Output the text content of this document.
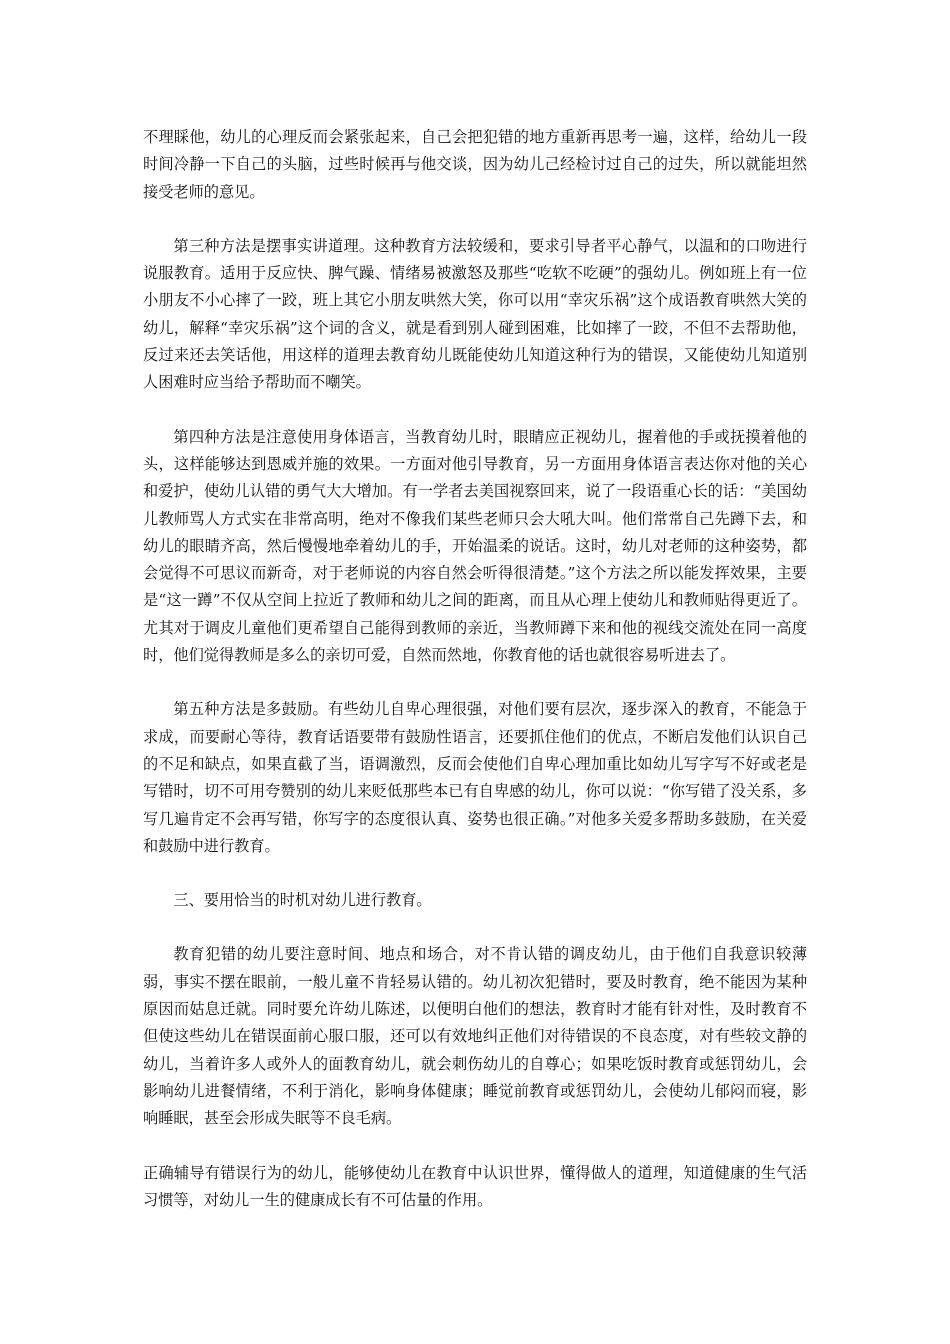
不理睬他，幼儿的心理反而会紧张起来，自己会把犯错的地方重新再思考一遍，这样，给幼儿一段时间冷静一下自己的头脑，过些时候再与他交谈，因为幼儿己经检讨过自己的过失，所以就能坦然接受老师的意见。

第三种方法是摆事实讲道理。这种教育方法较缓和，要求引导者平心静气，以温和的口吻进行说服教育。适用于反应快、脾气躁、情绪易被激怒及那些“吃软不吃硬”的强幼儿。例如班上有一位小朋友不小心摔了一跤，班上其它小朋友哄然大笑，你可以用“幸灾乐祸”这个成语教育哄然大笑的幼儿，解释“幸灾乐祸”这个词的含义，就是看到别人碰到困难，比如摔了一跤，不但不去帮助他，反过来还去笑话他，用这样的道理去教育幼儿既能使幼儿知道这种行为的错误，又能使幼儿知道别人困难时应当给予帮助而不嘲笑。

第四种方法是注意使用身体语言，当教育幼儿时，眼睛应正视幼儿，握着他的手或抚摸着他的头，这样能够达到恩威并施的效果。一方面对他引导教育，另一方面用身体语言表达你对他的关心和爱护，使幼儿认错的勇气大大增加。有一学者去美国视察回来，说了一段语重心长的话：“美国幼儿教师骂人方式实在非常高明，绝对不像我们某些老师只会大吼大叫。他们常常自己先蹲下去，和幼儿的眼睛齐高，然后慢慢地牵着幼儿的手，开始温柔的说话。这时，幼儿对老师的这种姿势，都会觉得不可思议而新奇，对于老师说的内容自然会听得很清楚。”这个方法之所以能发挥效果，主要是“这一蹲”不仅从空间上拉近了教师和幼儿之间的距离，而且从心理上使幼儿和教师贴得更近了。尤其对于调皮儿童他们更希望自己能得到教师的亲近，当教师蹲下来和他的视线交流处在同一高度时，他们觉得教师是多么的亲切可爱，自然而然地，你教育他的话也就很容易听进去了。

第五种方法是多鼓励。有些幼儿自卑心理很强，对他们要有层次，逐步深入的教育，不能急于求成，而要耐心等待，教育话语要带有鼓励性语言，还要抓住他们的优点，不断启发他们认识自己的不足和缺点，如果直截了当，语调激烈，反而会使他们自卑心理加重比如幼儿写字写不好或老是写错时，切不可用夸赞别的幼儿来贬低那些本已有自卑感的幼儿，你可以说：“你写错了没关系，多写几遍肯定不会再写错，你写字的态度很认真、姿势也很正确。”对他多关爱多帮助多鼓励，在关爱和鼓励中进行教育。

三、要用恰当的时机对幼儿进行教育。

教育犯错的幼儿要注意时间、地点和场合，对不肯认错的调皮幼儿，由于他们自我意识较薄弱，事实不摆在眼前，一般儿童不肯轻易认错的。幼儿初次犯错时，要及时教育，绝不能因为某种原因而姑息迁就。同时要允许幼儿陈述，以便明白他们的想法，教育时才能有针对性，及时教育不但使这些幼儿在错误面前心服口服，还可以有效地纠正他们对待错误的不良态度，对有些较文静的幼儿，当着许多人或外人的面教育幼儿，就会刺伤幼儿的自尊心；如果吃饭时教育或惩罚幼儿，会影响幼儿进餐情绪，不利于消化，影响身体健康；睡觉前教育或惩罚幼儿，会使幼儿郁闷而寝，影响睡眠，甚至会形成失眠等不良毛病。

正确辅导有错误行为的幼儿，能够使幼儿在教育中认识世界，懂得做人的道理，知道健康的生气活习惯等，对幼儿一生的健康成长有不可估量的作用。
